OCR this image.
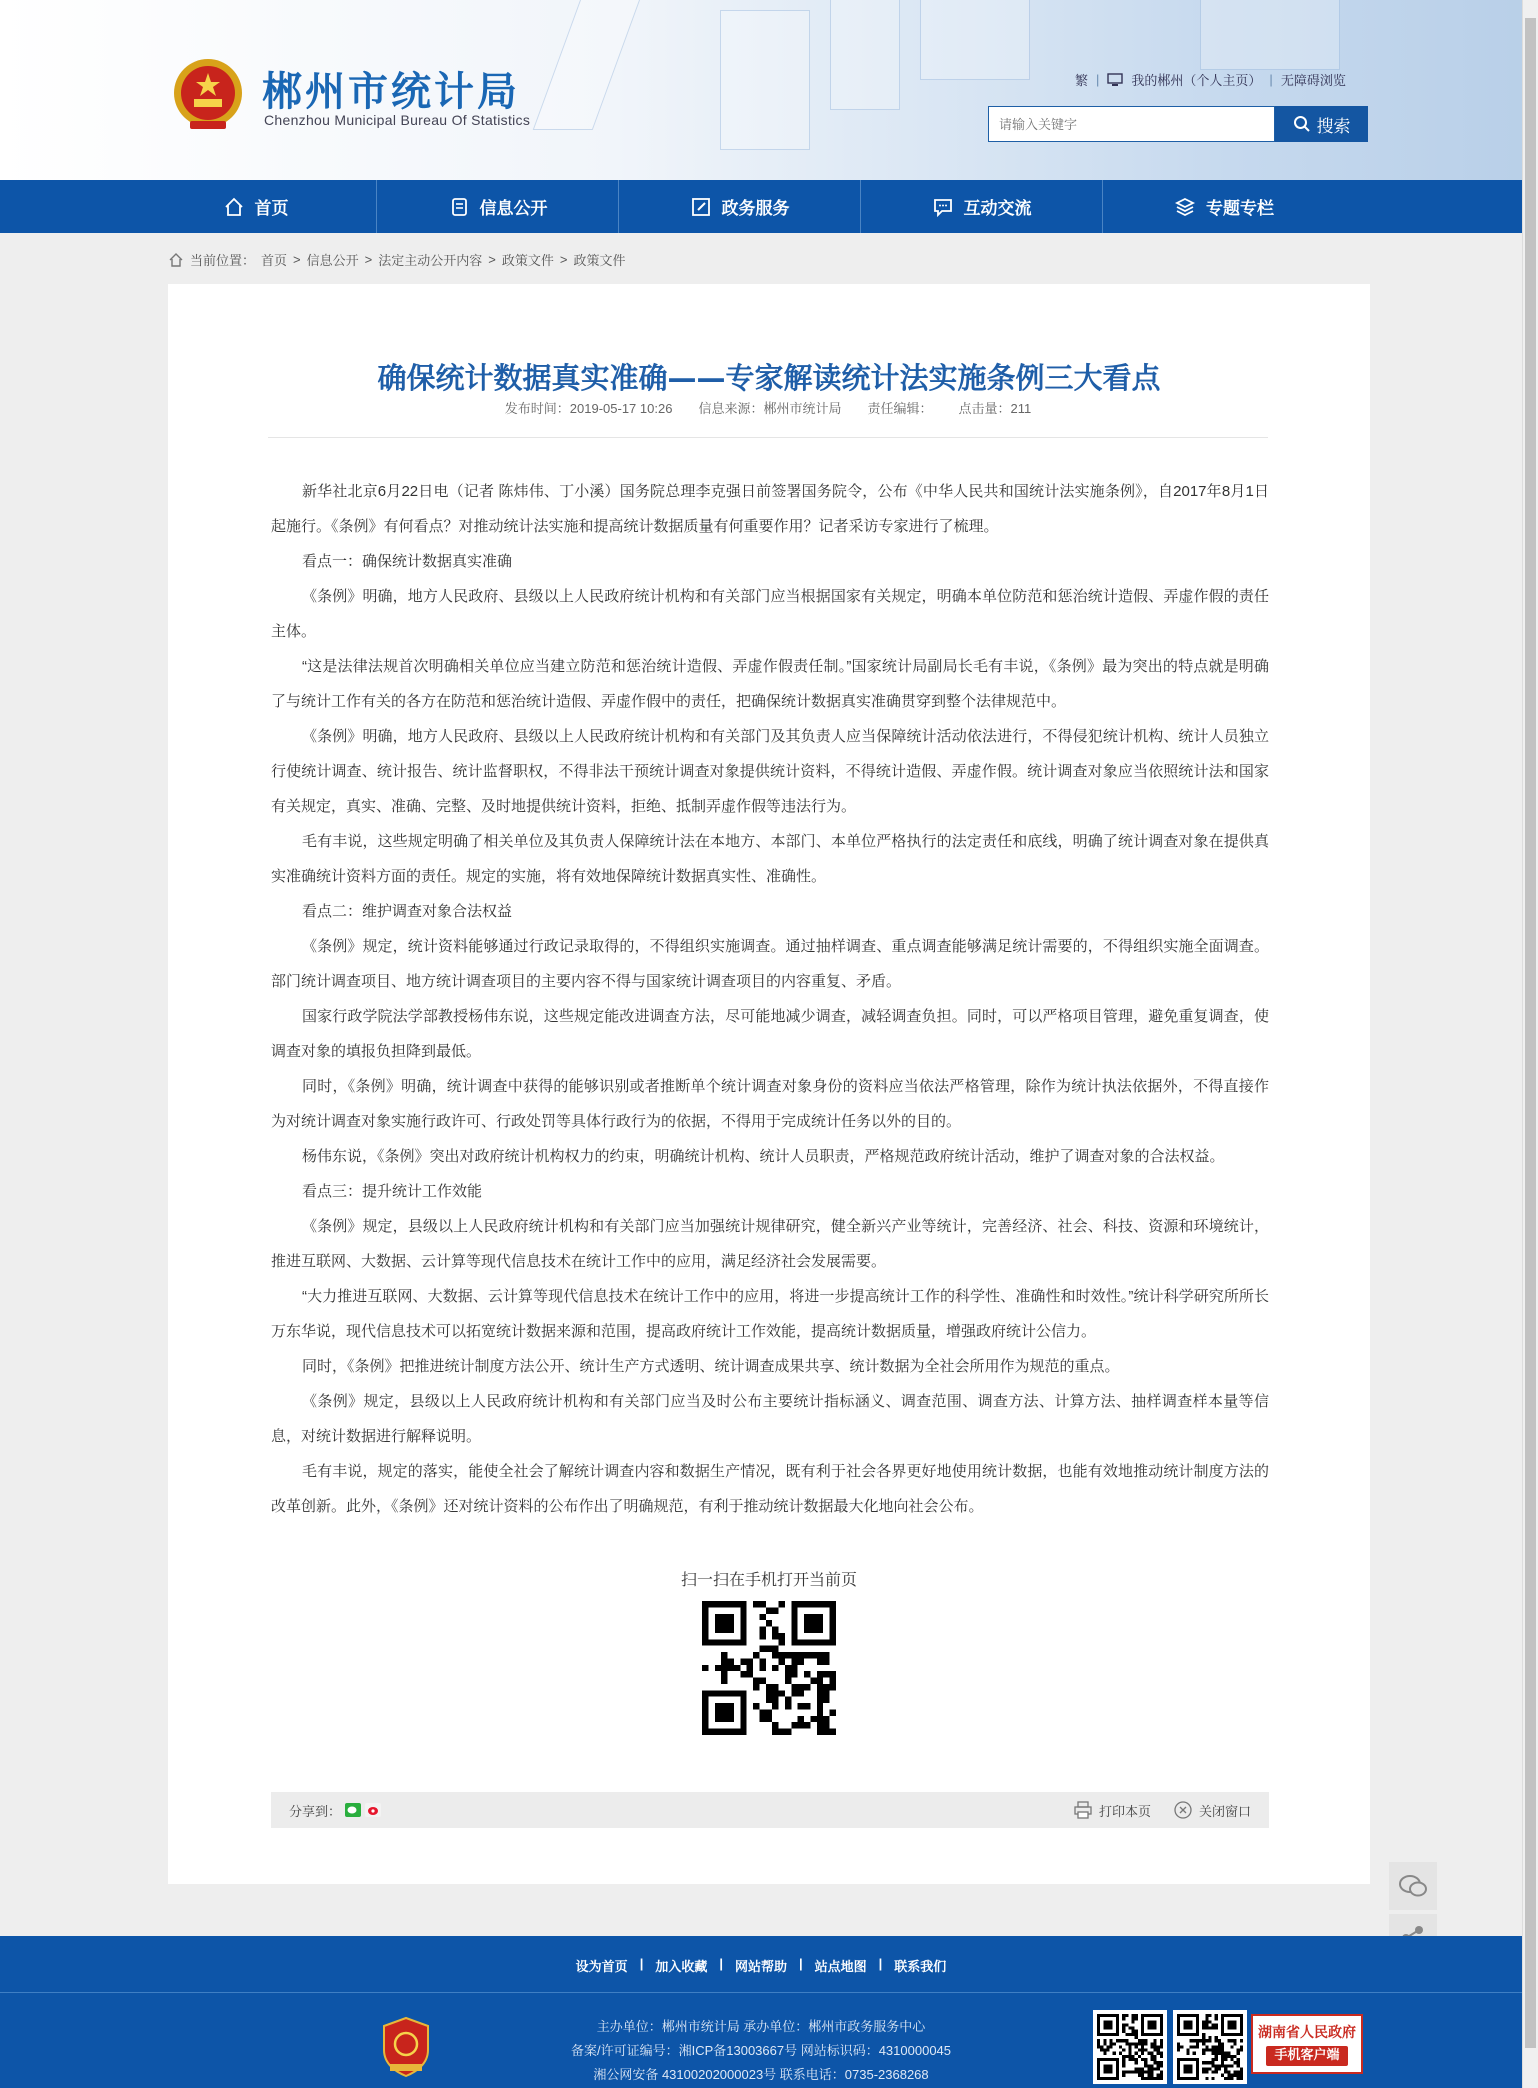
郴州市统计局
Chenzhou Municipal Bureau Of Statistics
繁 | 我的郴州（个人主页） | 无障碍浏览
请输入关键字
搜索
首页	信息公开	政务服务	互动交流	专题专栏
当前位置： 首页 > 信息公开 > 法定主动公开内容 > 政策文件 > 政策文件
确保统计数据真实准确——专家解读统计法实施条例三大看点
发布时间：2019-05-17 10:26 信息来源：郴州市统计局 责任编辑： 点击量：211

新华社北京6月22日电（记者 陈炜伟、丁小溪）国务院总理李克强日前签署国务院令，公布《中华人民共和国统计法实施条例》，自2017年8月1日起施行。《条例》有何看点？对推动统计法实施和提高统计数据质量有何重要作用？记者采访专家进行了梳理。

看点一：确保统计数据真实准确

《条例》明确，地方人民政府、县级以上人民政府统计机构和有关部门应当根据国家有关规定，明确本单位防范和惩治统计造假、弄虚作假的责任主体。

“这是法律法规首次明确相关单位应当建立防范和惩治统计造假、弄虚作假责任制。”国家统计局副局长毛有丰说，《条例》最为突出的特点就是明确了与统计工作有关的各方在防范和惩治统计造假、弄虚作假中的责任，把确保统计数据真实准确贯穿到整个法律规范中。

《条例》明确，地方人民政府、县级以上人民政府统计机构和有关部门及其负责人应当保障统计活动依法进行，不得侵犯统计机构、统计人员独立行使统计调查、统计报告、统计监督职权，不得非法干预统计调查对象提供统计资料，不得统计造假、弄虚作假。统计调查对象应当依照统计法和国家有关规定，真实、准确、完整、及时地提供统计资料，拒绝、抵制弄虚作假等违法行为。

毛有丰说，这些规定明确了相关单位及其负责人保障统计法在本地方、本部门、本单位严格执行的法定责任和底线，明确了统计调查对象在提供真实准确统计资料方面的责任。规定的实施，将有效地保障统计数据真实性、准确性。

看点二：维护调查对象合法权益

《条例》规定，统计资料能够通过行政记录取得的，不得组织实施调查。通过抽样调查、重点调查能够满足统计需要的，不得组织实施全面调查。部门统计调查项目、地方统计调查项目的主要内容不得与国家统计调查项目的内容重复、矛盾。

国家行政学院法学部教授杨伟东说，这些规定能改进调查方法，尽可能地减少调查，减轻调查负担。同时，可以严格项目管理，避免重复调查，使调查对象的填报负担降到最低。

同时，《条例》明确，统计调查中获得的能够识别或者推断单个统计调查对象身份的资料应当依法严格管理，除作为统计执法依据外，不得直接作为对统计调查对象实施行政许可、行政处罚等具体行政行为的依据，不得用于完成统计任务以外的目的。

杨伟东说，《条例》突出对政府统计机构权力的约束，明确统计机构、统计人员职责，严格规范政府统计活动，维护了调查对象的合法权益。

看点三：提升统计工作效能

《条例》规定，县级以上人民政府统计机构和有关部门应当加强统计规律研究，健全新兴产业等统计，完善经济、社会、科技、资源和环境统计，推进互联网、大数据、云计算等现代信息技术在统计工作中的应用，满足经济社会发展需要。

“大力推进互联网、大数据、云计算等现代信息技术在统计工作中的应用，将进一步提高统计工作的科学性、准确性和时效性。”统计科学研究所所长万东华说，现代信息技术可以拓宽统计数据来源和范围，提高政府统计工作效能，提高统计数据质量，增强政府统计公信力。

同时，《条例》把推进统计制度方法公开、统计生产方式透明、统计调查成果共享、统计数据为全社会所用作为规范的重点。

《条例》规定，县级以上人民政府统计机构和有关部门应当及时公布主要统计指标涵义、调查范围、调查方法、计算方法、抽样调查样本量等信息，对统计数据进行解释说明。

毛有丰说，规定的落实，能使全社会了解统计调查内容和数据生产情况，既有利于社会各界更好地使用统计数据，也能有效地推动统计制度方法的改革创新。此外，《条例》还对统计资料的公布作出了明确规范，有利于推动统计数据最大化地向社会公布。

扫一扫在手机打开当前页
分享到：	打印本页	关闭窗口
设为首页 | 加入收藏 | 网站帮助 | 站点地图 | 联系我们
主办单位：郴州市统计局 承办单位：郴州市政务服务中心
备案/许可证编号：湘ICP备13003667号 网站标识码：4310000045
湘公网安备 43100202000023号 联系电话：0735-2368268
湖南省人民政府
手机客户端
